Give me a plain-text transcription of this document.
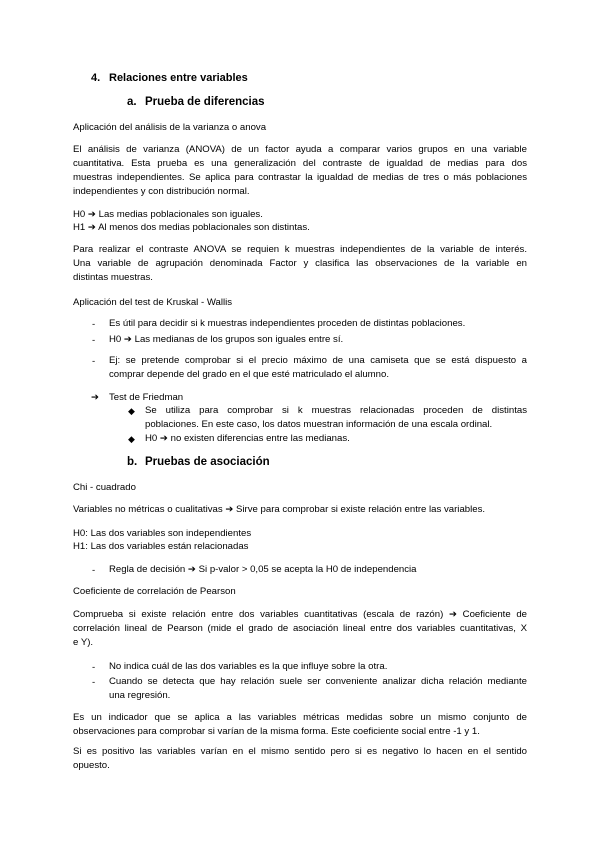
4. Relaciones entre variables
a. Prueba de diferencias
Aplicación del análisis de la varianza o anova
El análisis de varianza (ANOVA) de un factor ayuda a comparar varios grupos en una variable
cuantitativa. Esta prueba es una generalización del contraste de igualdad de medias para dos
muestras independientes. Se aplica para contrastar la igualdad de medias de tres o más poblaciones
independientes y con distribución normal.
H0 ➔ Las medias poblacionales son iguales.
H1 ➔ Al menos dos medias poblacionales son distintas.
Para realizar el contraste ANOVA se requien k muestras independientes de la variable de interés.
Una variable de agrupación denominada Factor y clasifica las observaciones de la variable en
distintas muestras.
Aplicación del test de Kruskal - Wallis
- Es útil para decidir si k muestras independientes proceden de distintas poblaciones.
- H0 ➔ Las medianas de los grupos son iguales entre sí.
- Ej: se pretende comprobar si el precio máximo de una camiseta que se está dispuesto a
comprar depende del grado en el que esté matriculado el alumno.
➔ Test de Friedman
◆ Se utiliza para comprobar si k muestras relacionadas proceden de distintas
poblaciones. En este caso, los datos muestran información de una escala ordinal.
◆ H0 ➔ no existen diferencias entre las medianas.
b. Pruebas de asociación
Chi - cuadrado
Variables no métricas o cualitativas ➔ Sirve para comprobar si existe relación entre las variables.
H0: Las dos variables son independientes
H1: Las dos variables están relacionadas
- Regla de decisión ➔ Si p-valor > 0,05 se acepta la H0 de independencia
Coeficiente de correlación de Pearson
Comprueba si existe relación entre dos variables cuantitativas (escala de razón) ➔ Coeficiente de
correlación lineal de Pearson (mide el grado de asociación lineal entre dos variables cuantitativas, X
e Y).
- No indica cuál de las dos variables es la que influye sobre la otra.
- Cuando se detecta que hay relación suele ser conveniente analizar dicha relación mediante
una regresión.
Es un indicador que se aplica a las variables métricas medidas sobre un mismo conjunto de
observaciones para comprobar si varían de la misma forma. Este coeficiente social entre -1 y 1.
Si es positivo las variables varían en el mismo sentido pero si es negativo lo hacen en el sentido
opuesto.
